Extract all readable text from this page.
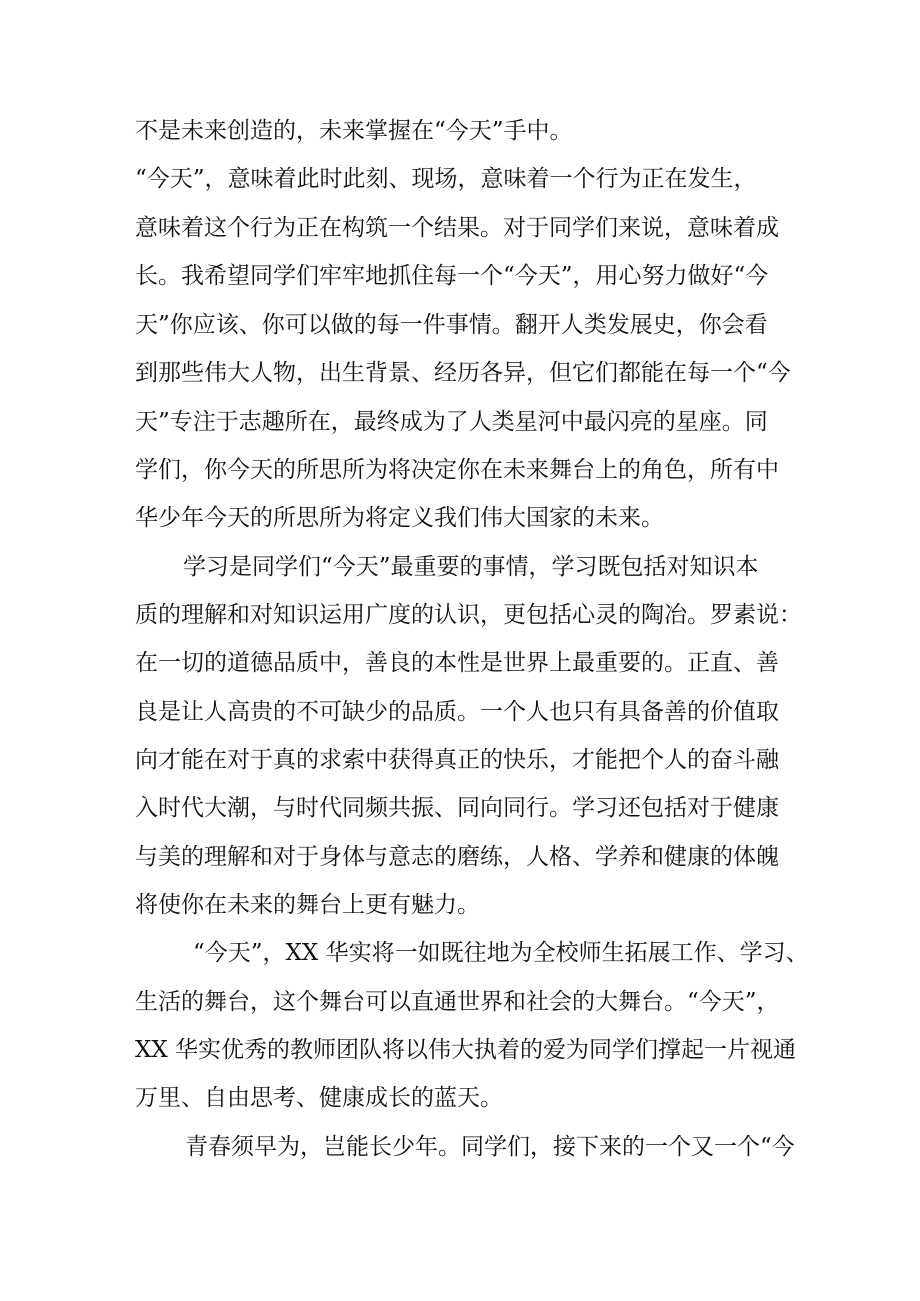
不是未来创造的，未来掌握在“今天”手中。
“今天”，意味着此时此刻、现场，意味着一个行为正在发生，
意味着这个行为正在构筑一个结果。对于同学们来说，意味着成
长。我希望同学们牢牢地抓住每一个“今天”，用心努力做好“今
天”你应该、你可以做的每一件事情。翻开人类发展史，你会看
到那些伟大人物，出生背景、经历各异，但它们都能在每一个“今
天”专注于志趣所在，最终成为了人类星河中最闪亮的星座。同
学们，你今天的所思所为将决定你在未来舞台上的角色，所有中
华少年今天的所思所为将定义我们伟大国家的未来。
学习是同学们“今天”最重要的事情，学习既包括对知识本
质的理解和对知识运用广度的认识，更包括心灵的陶冶。罗素说：
在一切的道德品质中，善良的本性是世界上最重要的。正直、善
良是让人高贵的不可缺少的品质。一个人也只有具备善的价值取
向才能在对于真的求索中获得真正的快乐，才能把个人的奋斗融
入时代大潮，与时代同频共振、同向同行。学习还包括对于健康
与美的理解和对于身体与意志的磨练，人格、学养和健康的体魄
将使你在未来的舞台上更有魅力。
“今天”，XX 华实将一如既往地为全校师生拓展工作、学习、
生活的舞台，这个舞台可以直通世界和社会的大舞台。“今天”，
XX 华实优秀的教师团队将以伟大执着的爱为同学们撑起一片视通
万里、自由思考、健康成长的蓝天。
青春须早为，岂能长少年。同学们，接下来的一个又一个“今
